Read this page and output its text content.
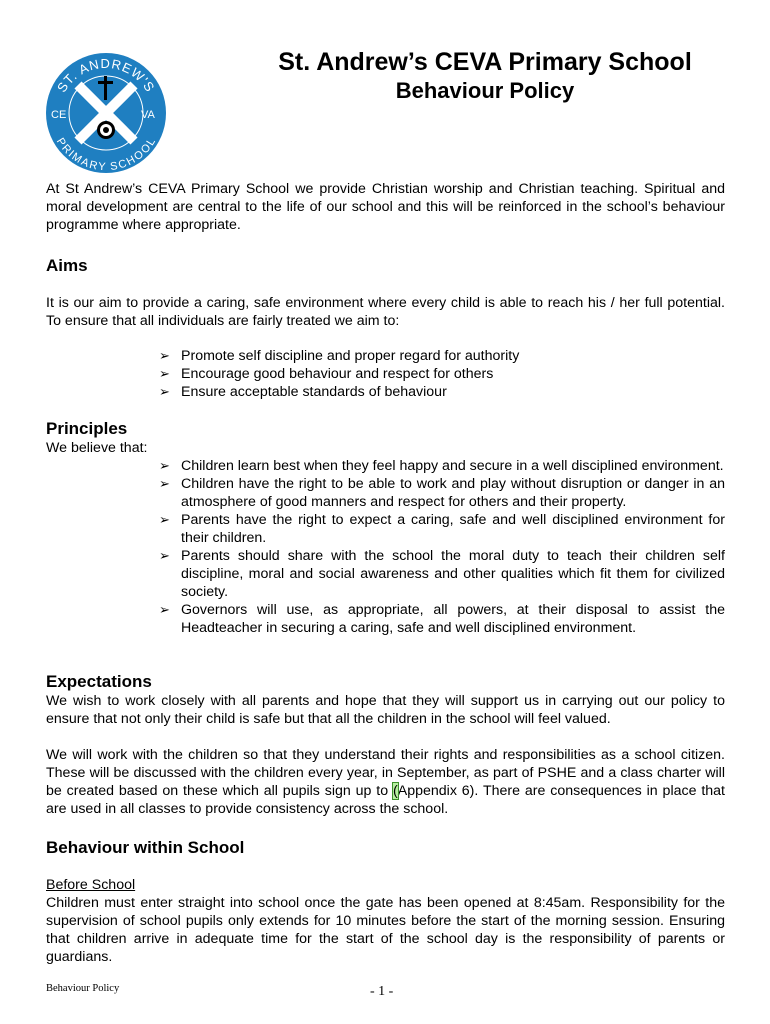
ST. ANDREW'S
PRIMARY SCHOOL
CE	VA
St. Andrew’s CEVA Primary School
Behaviour Policy
At St Andrew’s CEVA Primary School we provide Christian worship and Christian teaching. Spiritual and moral development are central to the life of our school and this will be reinforced in the school’s behaviour programme where appropriate.
Aims
It is our aim to provide a caring, safe environment where every child is able to reach his / her full potential. To ensure that all individuals are fairly treated we aim to:
➢ Promote self discipline and proper regard for authority
➢ Encourage good behaviour and respect for others
➢ Ensure acceptable standards of behaviour
Principles
We believe that:
➢ Children learn best when they feel happy and secure in a well disciplined environment.
➢ Children have the right to be able to work and play without disruption or danger in an atmosphere of good manners and respect for others and their property.
➢ Parents have the right to expect a caring, safe and well disciplined environment for their children.
➢ Parents should share with the school the moral duty to teach their children self discipline, moral and social awareness and other qualities which fit them for civilized society.
➢ Governors will use, as appropriate, all powers, at their disposal to assist the Headteacher in securing a caring, safe and well disciplined environment.
Expectations
We wish to work closely with all parents and hope that they will support us in carrying out our policy to ensure that not only their child is safe but that all the children in the school will feel valued.
We will work with the children so that they understand their rights and responsibilities as a school citizen. These will be discussed with the children every year, in September, as part of PSHE and a class charter will be created based on these which all pupils sign up to (Appendix 6). There are consequences in place that are used in all classes to provide consistency across the school.
Behaviour within School
Before School
Children must enter straight into school once the gate has been opened at 8:45am. Responsibility for the supervision of school pupils only extends for 10 minutes before the start of the morning session. Ensuring that children arrive in adequate time for the start of the school day is the responsibility of parents or guardians.
Behaviour Policy	- 1 -
